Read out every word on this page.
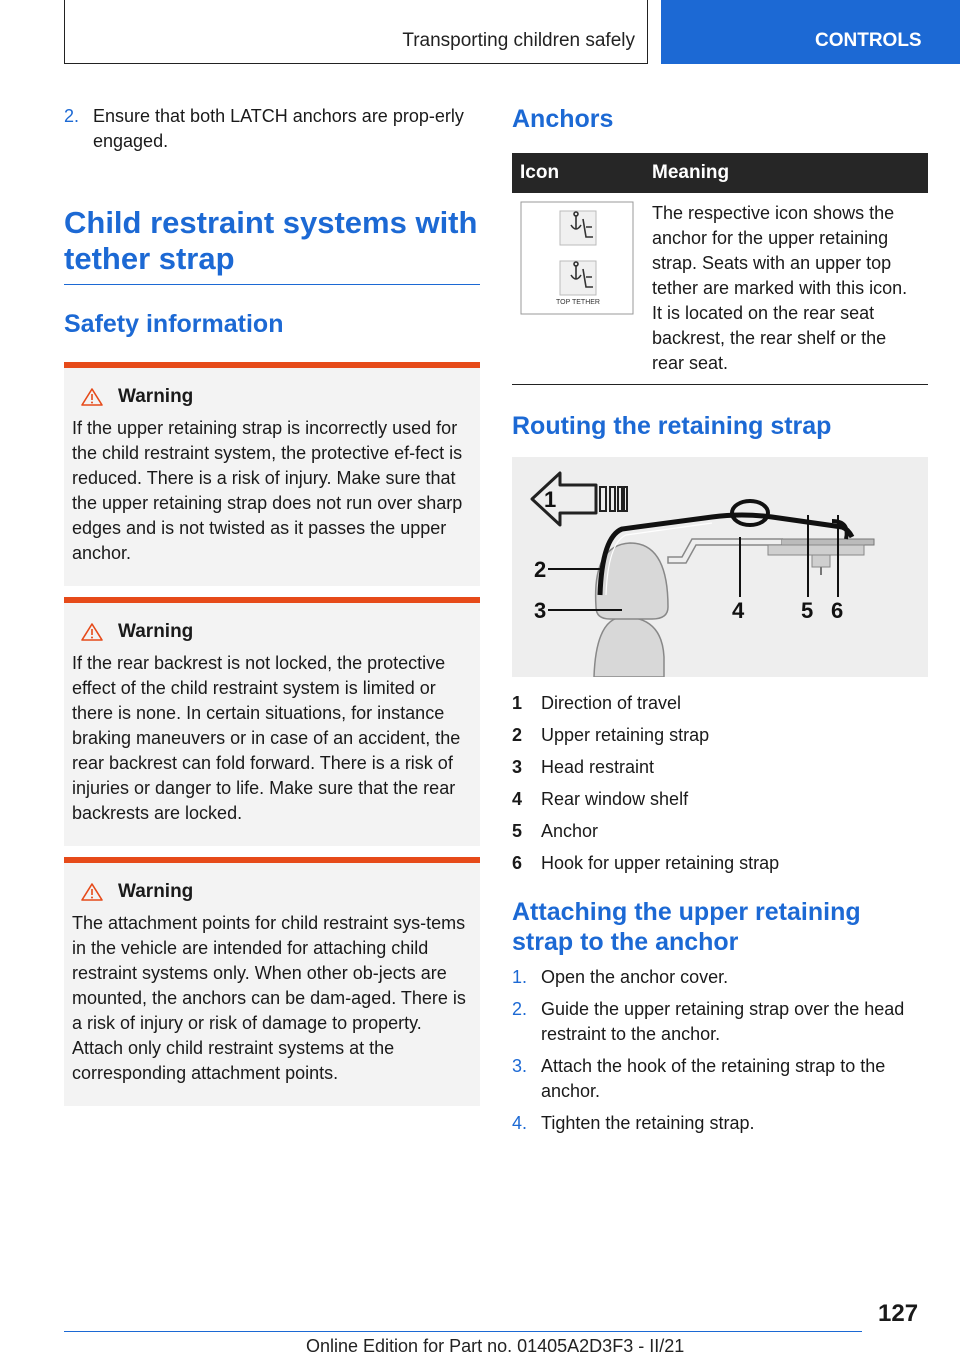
Transporting children safely	CONTROLS
2. Ensure that both LATCH anchors are prop‐erly engaged.
Child restraint systems with tether strap
Safety information
Warning
If the upper retaining strap is incorrectly used for the child restraint system, the protective ef‐fect is reduced. There is a risk of injury. Make sure that the upper retaining strap does not run over sharp edges and is not twisted as it passes the upper anchor.
Warning
If the rear backrest is not locked, the protective effect of the child restraint system is limited or there is none. In certain situations, for instance braking maneuvers or in case of an accident, the rear backrest can fold forward. There is a risk of injuries or danger to life. Make sure that the rear backrests are locked.
Warning
The attachment points for child restraint sys‐tems in the vehicle are intended for attaching child restraint systems only. When other ob‐jects are mounted, the anchors can be dam‐aged. There is a risk of injury or risk of damage to property. Attach only child restraint systems at the corresponding attachment points.
Anchors
Icon	Meaning

TOP TETHER	The respective icon shows the anchor for the upper retaining strap. Seats with an upper top tether are marked with this icon. It is located on the rear seat backrest, the rear shelf or the rear seat.
Routing the retaining strap
1
2
3	4	5 6
1	Direction of travel
2	Upper retaining strap
3	Head restraint
4	Rear window shelf
5	Anchor
6	Hook for upper retaining strap
Attaching the upper retaining strap to the anchor
1. Open the anchor cover.
2. Guide the upper retaining strap over the head restraint to the anchor.
3. Attach the hook of the retaining strap to the anchor.
4. Tighten the retaining strap.
127
Online Edition for Part no. 01405A2D3F3 - II/21
